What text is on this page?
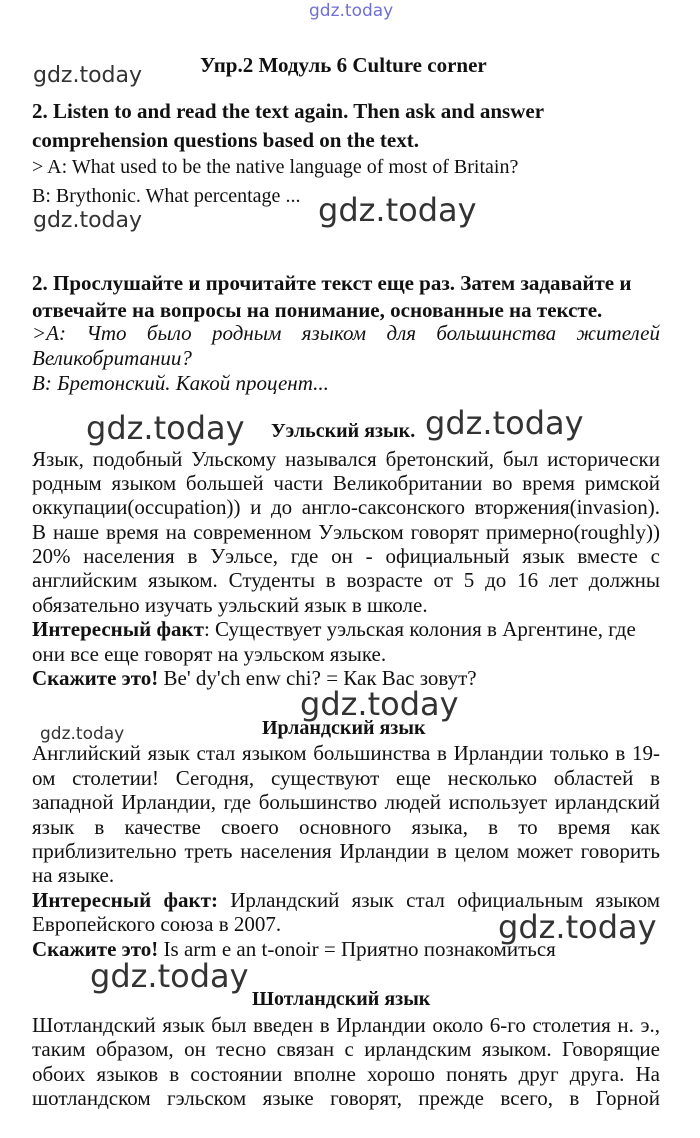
gdz.today
gdz.today
gdz.today	gdz.today
gdz.today	gdz.today
gdz.today
gdz.today
gdz.today
gdz.today
Упр.2 Модуль 6 Culture corner
2. Listen to and read the text again. Then ask and answer
comprehension questions based on the text.
> A: What used to be the native language of most of Britain?
B: Brythonic. What percentage ...
2. Прослушайте и прочитайте текст еще раз. Затем задавайте и
отвечайте на вопросы на понимание, основанные на тексте.
>A: Что было родным языком для большинства жителей
Великобритании?
В: Бретонский. Какой процент...
Уэльский язык.
Язык, подобный Ульскому назывался бретонский, был исторически
родным языком большей части Великобритании во время римской
оккупации(occupation)) и до англо-саксонского вторжения(invasion).
В наше время на современном Уэльском говорят примерно(roughly))
20% населения в Уэльсе, где он - официальный язык вместе с
английским языком. Студенты в возрасте от 5 до 16 лет должны
обязательно изучать уэльский язык в школе.
Интересный факт: Существует уэльская колония в Аргентине, где
они все еще говорят на уэльском языке.
Скажите это! Be' dy'ch enw chi? = Как Вас зовут?
Ирландский язык
Английский язык стал языком большинства в Ирландии только в 19-
ом столетии! Сегодня, существуют еще несколько областей в
западной Ирландии, где большинство людей использует ирландский
язык в качестве своего основного языка, в то время как
приблизительно треть населения Ирландии в целом может говорить
на языке.
Интересный факт: Ирландский язык стал официальным языком
Европейского союза в 2007.
Скажите это! Is arm e an t-onoir = Приятно познакомиться
Шотландский язык
Шотландский язык был введен в Ирландии около 6-го столетия н. э.,
таким образом, он тесно связан с ирландским языком. Говорящие
обоих языков в состоянии вполне хорошо понять друг друга. На
шотландском гэльском языке говорят, прежде всего, в Горной
